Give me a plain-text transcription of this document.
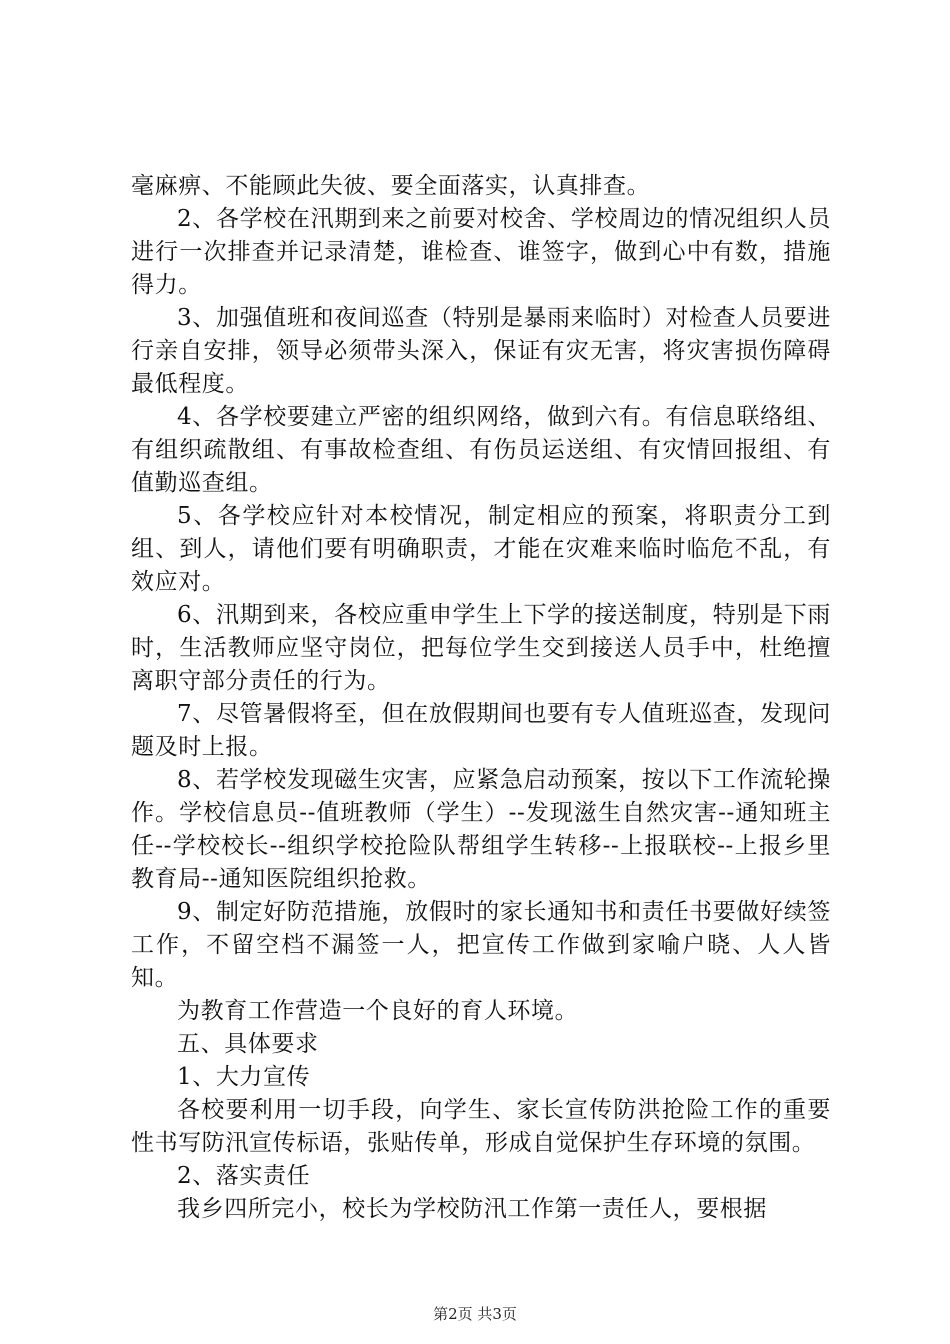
毫麻痹、不能顾此失彼、要全面落实，认真排查。

2、各学校在汛期到来之前要对校舍、学校周边的情况组织人员进行一次排查并记录清楚，谁检查、谁签字，做到心中有数，措施得力。

3、加强值班和夜间巡查（特别是暴雨来临时）对检查人员要进行亲自安排，领导必须带头深入，保证有灾无害，将灾害损伤障碍最低程度。

4、各学校要建立严密的组织网络，做到六有。有信息联络组、有组织疏散组、有事故检查组、有伤员运送组、有灾情回报组、有值勤巡查组。

5、各学校应针对本校情况，制定相应的预案，将职责分工到组、到人，请他们要有明确职责，才能在灾难来临时临危不乱，有效应对。

6、汛期到来，各校应重申学生上下学的接送制度，特别是下雨时，生活教师应坚守岗位，把每位学生交到接送人员手中，杜绝擅离职守部分责任的行为。

7、尽管暑假将至，但在放假期间也要有专人值班巡查，发现问题及时上报。

8、若学校发现磁生灾害，应紧急启动预案，按以下工作流轮操作。学校信息员--值班教师（学生）--发现滋生自然灾害--通知班主任--学校校长--组织学校抢险队帮组学生转移--上报联校--上报乡里教育局--通知医院组织抢救。

9、制定好防范措施，放假时的家长通知书和责任书要做好续签工作，不留空档不漏签一人，把宣传工作做到家喻户晓、人人皆知。

为教育工作营造一个良好的育人环境。

五、具体要求

1、大力宣传

各校要利用一切手段，向学生、家长宣传防洪抢险工作的重要性书写防汛宣传标语，张贴传单，形成自觉保护生存环境的氛围。

2、落实责任

我乡四所完小，校长为学校防汛工作第一责任人，要根据

第2页 共3页
